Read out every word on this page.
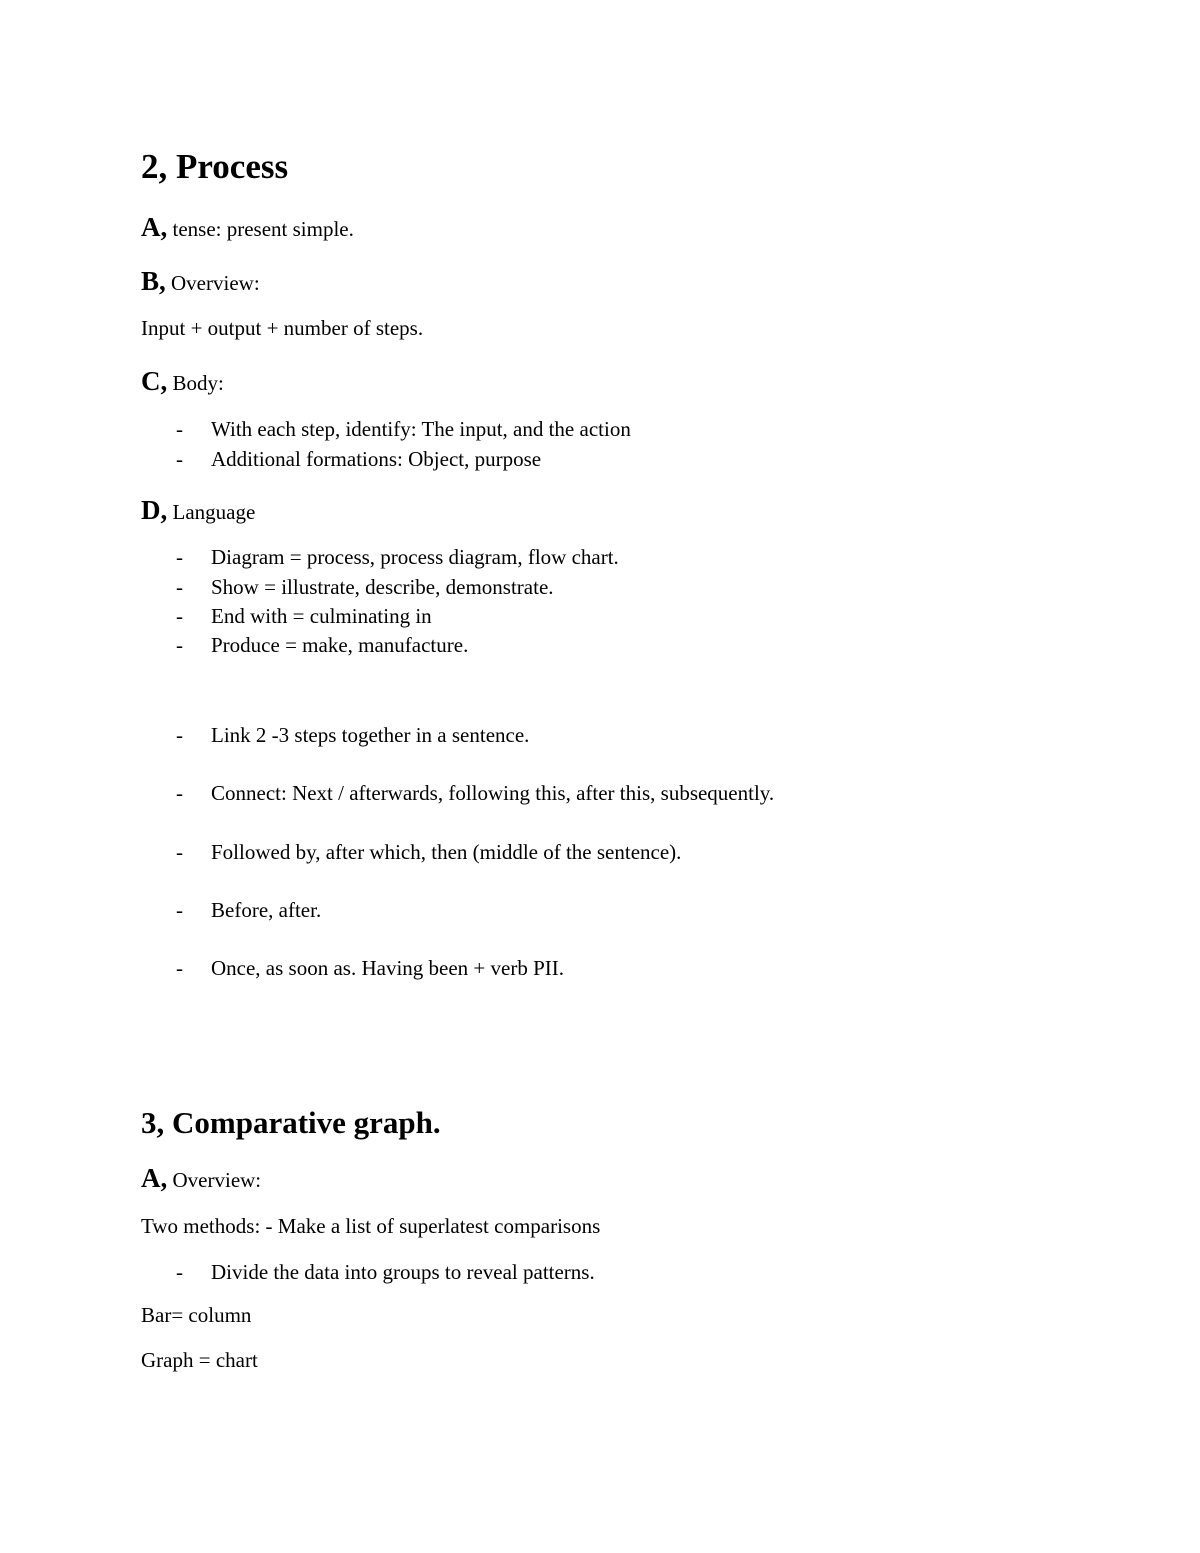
2, Process
A, tense: present simple.
B, Overview:
Input + output + number of steps.
C, Body:
- With each step, identify: The input, and the action
- Additional formations: Object, purpose
D, Language
- Diagram = process, process diagram, flow chart.
- Show = illustrate, describe, demonstrate.
- End with = culminating in
- Produce = make, manufacture.
- Link 2 -3 steps together in a sentence.
- Connect: Next / afterwards, following this, after this, subsequently.
- Followed by, after which, then (middle of the sentence).
- Before, after.
- Once, as soon as. Having been + verb PII.
3, Comparative graph.
A, Overview:
Two methods: - Make a list of superlatest comparisons
- Divide the data into groups to reveal patterns.
Bar= column
Graph = chart
